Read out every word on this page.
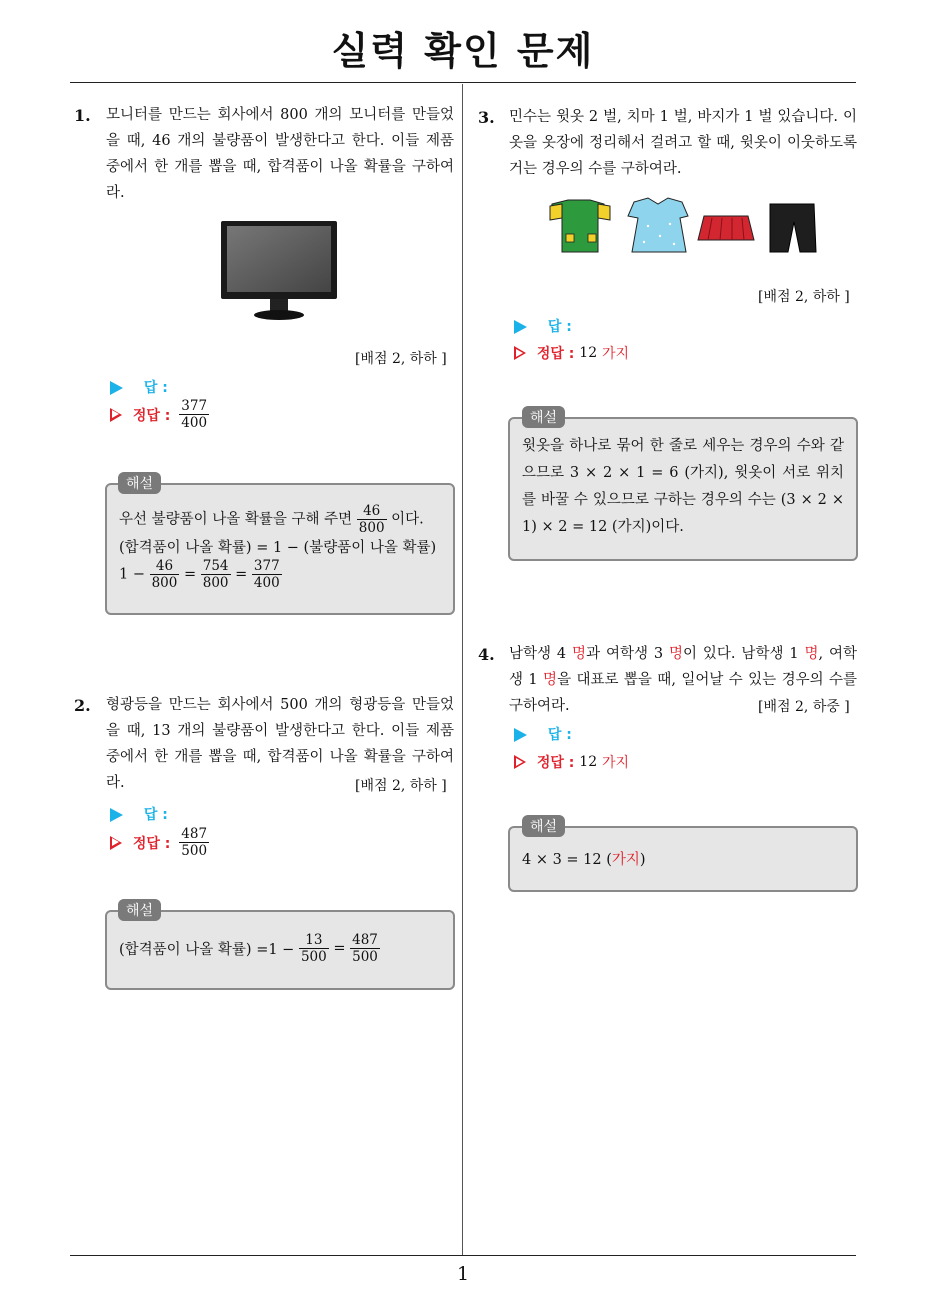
실력 확인 문제
1
1. 모니터를 만드는 회사에서 800 개의 모니터를 만들었을 때, 46 개의 불량품이 발생한다고 한다. 이들 제품 중에서 한 개를 뽑을 때, 합격품이 나올 확률을 구하여라.
[배점 2, 하하 ]
답 :
정답 : $\frac{377}{400}$
우선 불량품이 나올 확률을 구해 주면 $\frac{46}{800}$ 이다.
(합격품이 나올 확률) = 1 − (불량품이 나올 확률)
$1 - \frac{46}{800} = \frac{754}{800} = \frac{377}{400}$
해설
2. 형광등을 만드는 회사에서 500 개의 형광등을 만들었을 때, 13 개의 불량품이 발생한다고 한다. 이들 제품 중에서 한 개를 뽑을 때, 합격품이 나올 확률을 구하여라.	[배점 2, 하하 ]
답 :
정답 : $\frac{487}{500}$
(합격품이 나올 확률) $=1 - \frac{13}{500} = \frac{487}{500}$
해설
3. 민수는 윗옷 2 벌, 치마 1 벌, 바지가 1 벌 있습니다. 이 옷을 옷장에 정리해서 걸려고 할 때, 윗옷이 이웃하도록 거는 경우의 수를 구하여라.
[배점 2, 하하 ]
답 :
정답 : 12 가지
윗옷을 하나로 묶어 한 줄로 세우는 경우의 수와 같으므로 3 × 2 × 1 = 6 (가지), 윗옷이 서로 위치를 바꿀 수 있으므로 구하는 경우의 수는 (3 × 2 × 1) × 2 = 12 (가지)이다.
해설
4. 남학생 4 명과 여학생 3 명이 있다. 남학생 1 명, 여학생 1 명을 대표로 뽑을 때, 일어날 수 있는 경우의 수를 구하여라.	[배점 2, 하중 ]
답 :
정답 : 12 가지
4 × 3 = 12 (가지)
해설
